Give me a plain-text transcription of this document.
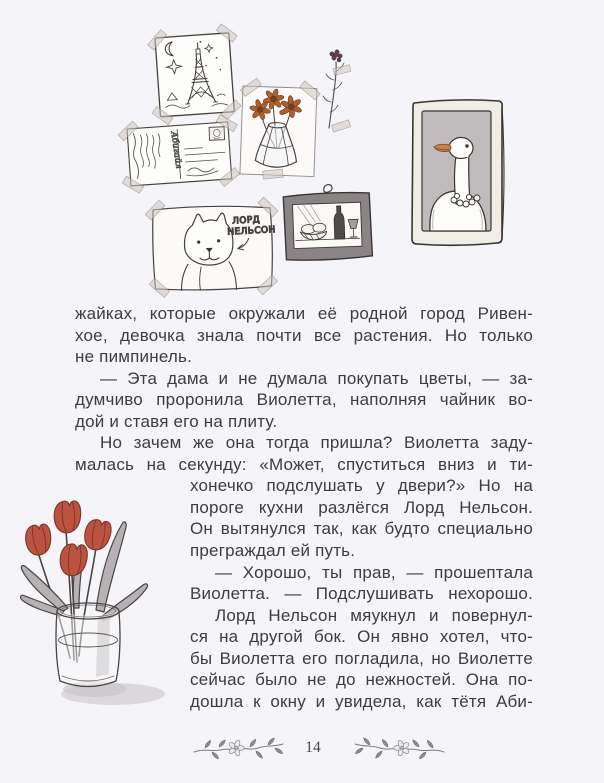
Абигайл
ЛОРД
НЕЛЬСОН
жайках, которые окружали её родной город Ривен-
хое, девочка знала почти все растения. Но только
не пимпинель.
— Эта дама и не думала покупать цветы, — за-
думчиво проронила Виолетта, наполняя чайник во-
дой и ставя его на плиту.
Но зачем же она тогда пришла? Виолетта заду-
малась на секунду: «Может, спуститься вниз и ти-
хонечко подслушать у двери?» Но на
пороге кухни разлёгся Лорд Нельсон.
Он вытянулся так, как будто специально
преграждал ей путь.
— Хорошо, ты прав, — прошептала
Виолетта. — Подслушивать нехорошо.
Лорд Нельсон мяукнул и повернул-
ся на другой бок. Он явно хотел, что-
бы Виолетта его погладила, но Виолетте
сейчас было не до нежностей. Она по-
дошла к окну и увидела, как тётя Аби-
14
